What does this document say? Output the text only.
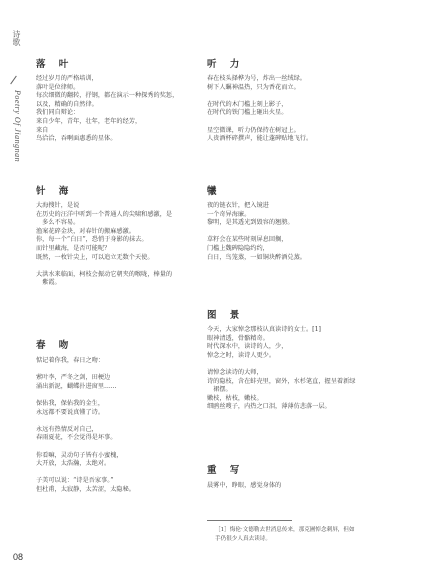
诗歌
Poetry Of Jiangnan
落 叶
经过岁月的严格培训，
落叶是位律师。
每次细微的翻转，抒钢，都在演示一种探秀的奖惩，
以及，精确的自然律。
我们同自辩论：
来自少年，青年，壮年，老年的经芳，
来自
鸟洽洽，吞啊面惠悉的星体。
针 海
大海搜针，是说
在历史的汪洋中听到一个普通人的尖啸和感激，是
　多么不容易。
渔案花碎金块，对春针的搬麻感激。
你，每一个“白日”，恐悄于身影的抹去。
而针里藏海，是否可能呢？
既然，一枚针尖上，可以追立无数个天使。
大洪水来临面，柯枝会振动它朝夹的喉咙，棒量的
　紫霞。
春 吻
惦记着你我，春日之吻：
萦叶李，严冬之剑，田梗边
涌出新泥，蝴蝶扑进窗里……
保佑我，保佑我的金生，
永远都不要说真懂了诗。
永远有热情反对自己，
春雨夏花，不会觉得是坏事。
你看嘛，灵动句子皆有小蜜槐，
大开放，太浩瀚，太绝对。
子美可以说：“诗是吾家事。”
但杜甫，太寂静，太苦涩，太隐秘。
听 力
春在枝头择桦为号，炸出一丝绒绿。
树下人瞩神温热，只为香花而立。
在时代的木门槛上刻上影子，
在时代的铁门槛上砸出火星。
星空微课，听力仍保持在树冠上。
人贵酒杯碎撰声，能让蓬碑贴地飞行。
犧
夜的链衣针，把入镜进
一个奇异海廉。
黎明，是其透光到毁容的翘膀。
草籽会在某些时刻屏息回搁，
门槛上魏碑隐隐约约，
白日，鸟笼蒸，一如铜块醉酒兑蒸。
图 景
今天，大家悼念那枝认真读诗的女士。[1]
眼神清透，骨骼精奇。
时代深水中，读诗的人，少，
悼念之时，读诗人更少。
请悼念读诗的大师，
诗的隐枝，含在蚌壳里，窗外，水杉笔直，握呈着新绿
　裙摆。
嫩枝，枯枝，嫩枝。
细鸥丝嗖子，内热之口泪，薄薄仿悲落一层。
重 写
晨雾中，睁眼，感觉身体的
［1］悔伦·文德勒去世消息传来，那克圃悼念刺屏，但如
手仍很少人真去读诗。
08
